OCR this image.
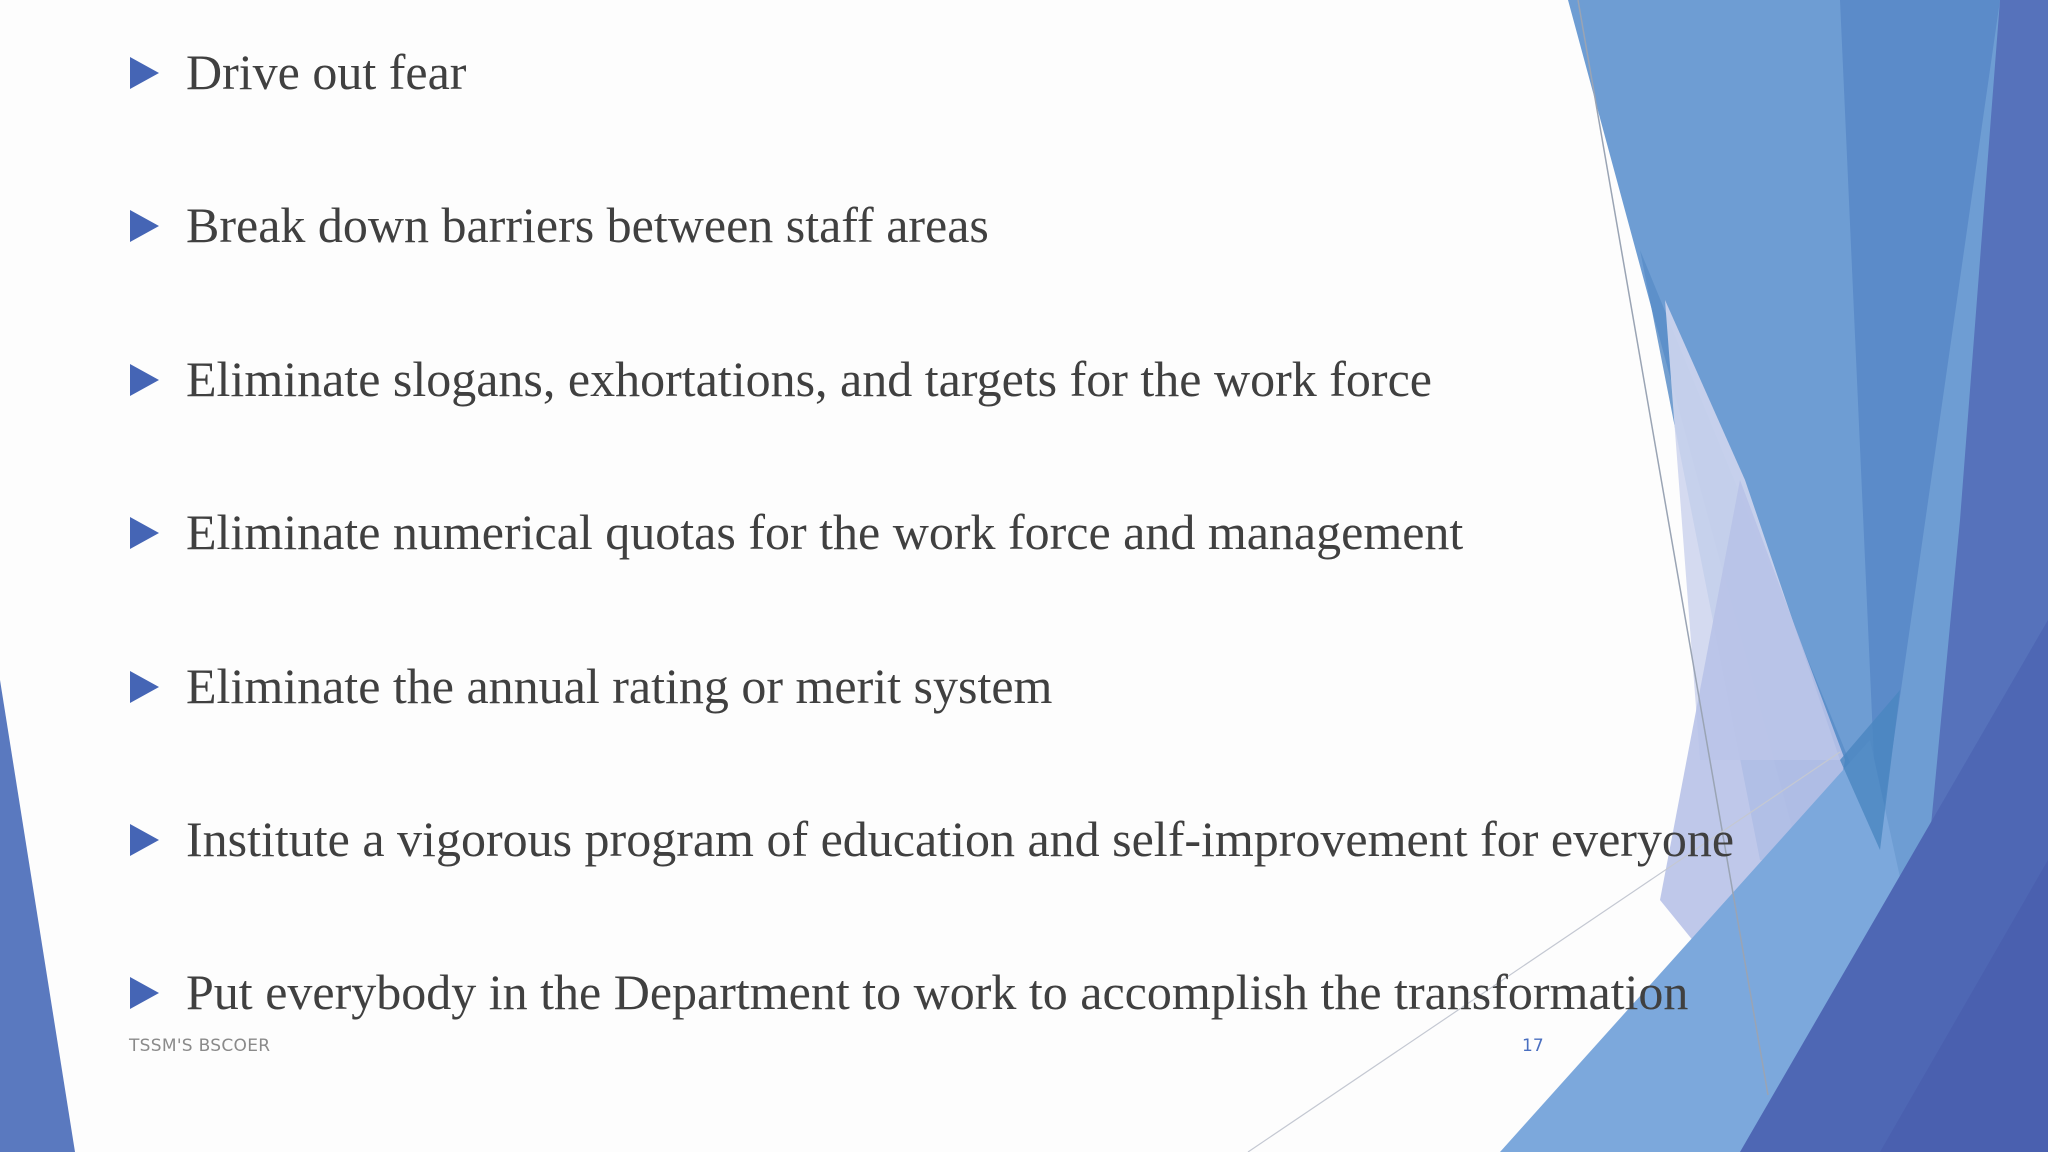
Drive out fear
Break down barriers between staff areas
Eliminate slogans, exhortations, and targets for the work force
Eliminate numerical quotas for the work force and management
Eliminate the annual rating or merit system
Institute a vigorous program of education and self-improvement for everyone
Put everybody in the Department to work to accomplish the transformation
TSSM'S BSCOER	17
